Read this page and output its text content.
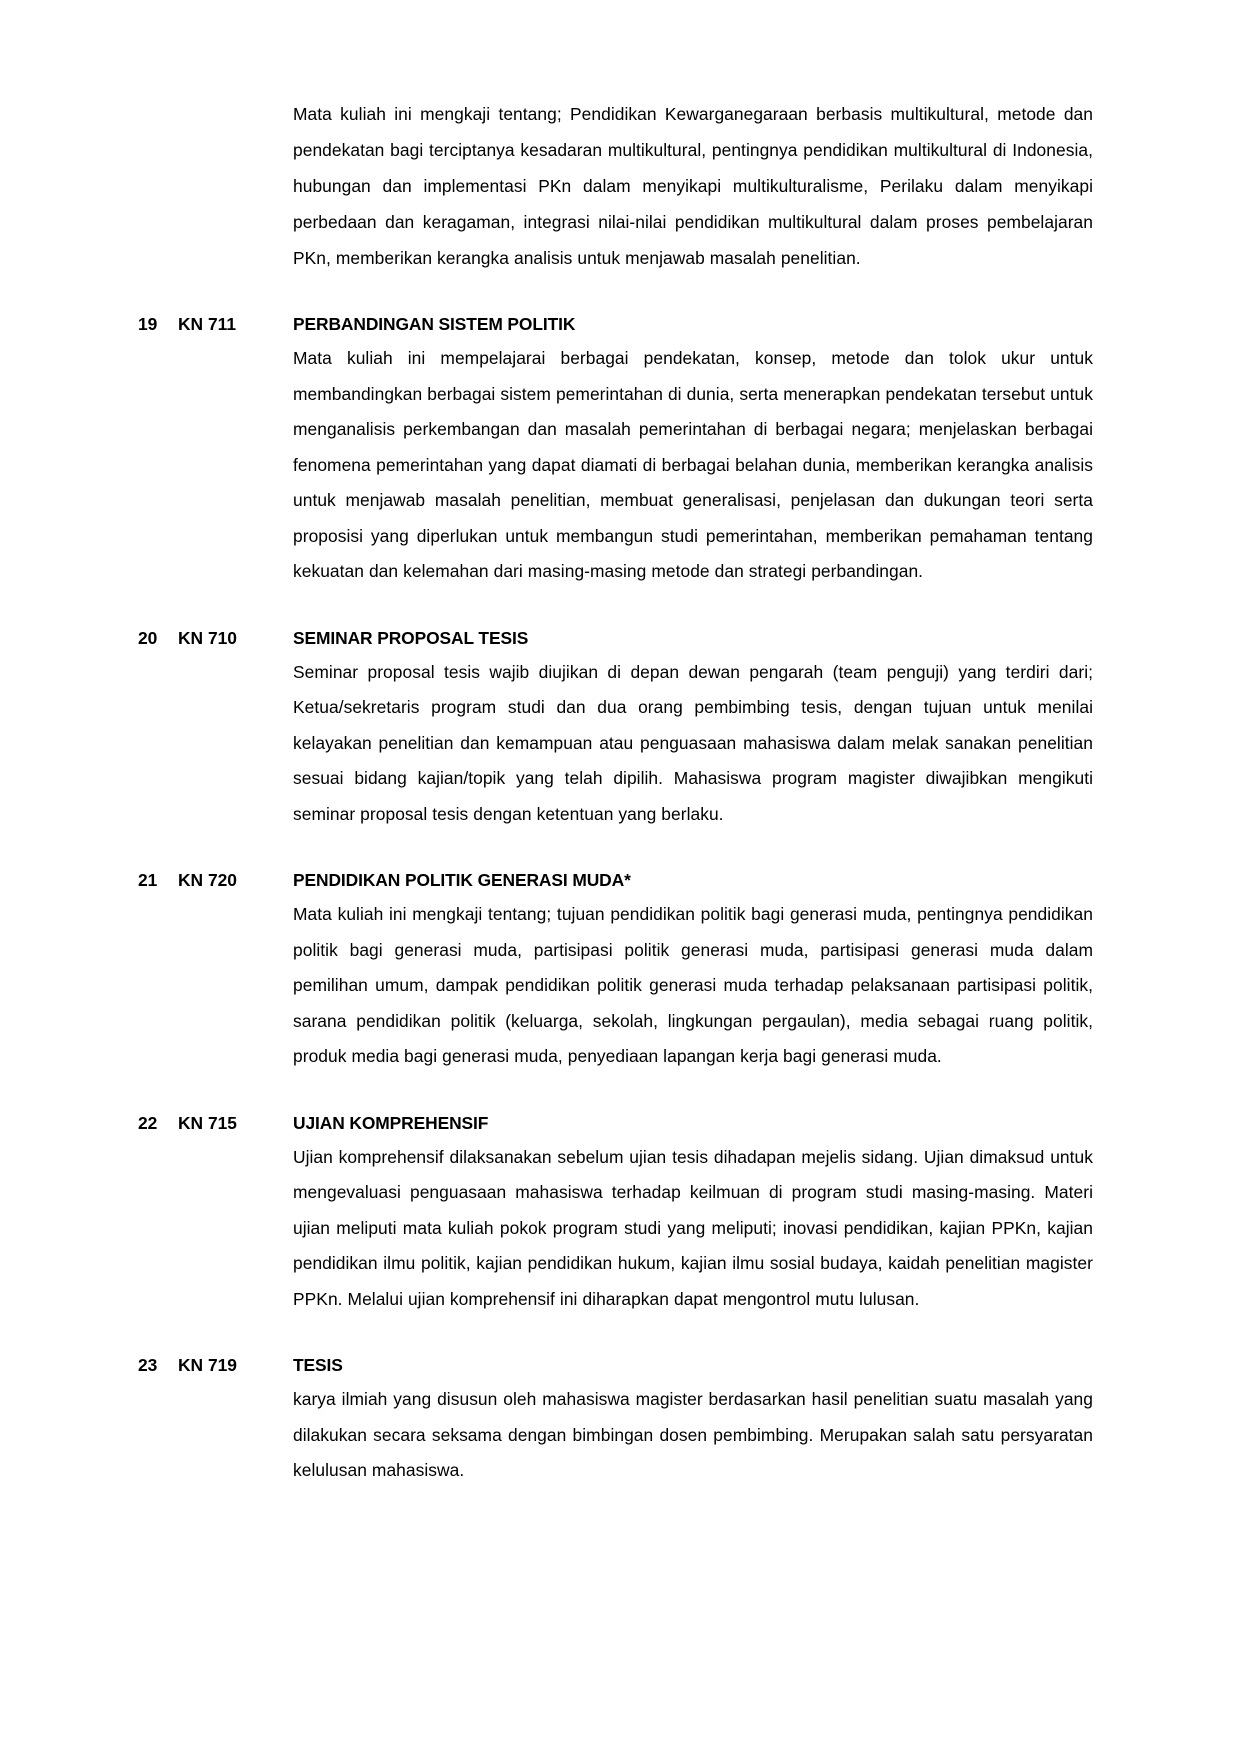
Mata kuliah ini mengkaji tentang; Pendidikan Kewarganegaraan berbasis multikultural, metode dan pendekatan bagi terciptanya kesadaran multikultural, pentingnya pendidikan multikultural di Indonesia, hubungan dan implementasi PKn dalam menyikapi multikulturalisme, Perilaku dalam menyikapi perbedaan dan keragaman, integrasi nilai-nilai pendidikan multikultural dalam proses pembelajaran PKn, memberikan kerangka analisis untuk menjawab masalah penelitian.

19	KN 711	PERBANDINGAN SISTEM POLITIK

Mata kuliah ini mempelajarai berbagai pendekatan, konsep, metode dan tolok ukur untuk membandingkan berbagai sistem pemerintahan di dunia, serta menerapkan pendekatan tersebut untuk menganalisis perkembangan dan masalah pemerintahan di berbagai negara; menjelaskan berbagai fenomena pemerintahan yang dapat diamati di berbagai belahan dunia, memberikan kerangka analisis untuk menjawab masalah penelitian, membuat generalisasi, penjelasan dan dukungan teori serta proposisi yang diperlukan untuk membangun studi pemerintahan, memberikan pemahaman tentang kekuatan dan kelemahan dari masing-masing metode dan strategi perbandingan.

20	KN 710	SEMINAR PROPOSAL TESIS

Seminar proposal tesis wajib diujikan di depan dewan pengarah (team penguji) yang terdiri dari; Ketua/sekretaris program studi dan dua orang pembimbing tesis, dengan tujuan untuk menilai kelayakan penelitian dan kemampuan atau penguasaan mahasiswa dalam melak sanakan penelitian sesuai bidang kajian/topik yang telah dipilih. Mahasiswa program magister diwajibkan mengikuti seminar proposal tesis dengan ketentuan yang berlaku.

21	KN 720	PENDIDIKAN POLITIK GENERASI MUDA*

Mata kuliah ini mengkaji tentang; tujuan pendidikan politik bagi generasi muda, pentingnya pendidikan politik bagi generasi muda, partisipasi politik generasi muda, partisipasi generasi muda dalam pemilihan umum, dampak pendidikan politik generasi muda terhadap pelaksanaan partisipasi politik, sarana pendidikan politik (keluarga, sekolah, lingkungan pergaulan), media sebagai ruang politik, produk media bagi generasi muda, penyediaan lapangan kerja bagi generasi muda.

22	KN 715	UJIAN KOMPREHENSIF

Ujian komprehensif dilaksanakan sebelum ujian tesis dihadapan mejelis sidang. Ujian dimaksud untuk mengevaluasi penguasaan mahasiswa terhadap keilmuan di program studi masing-masing. Materi ujian meliputi mata kuliah pokok program studi yang meliputi; inovasi pendidikan, kajian PPKn, kajian pendidikan ilmu politik, kajian pendidikan hukum, kajian ilmu sosial budaya, kaidah penelitian magister PPKn. Melalui ujian komprehensif ini diharapkan dapat mengontrol mutu lulusan.

23	KN 719	TESIS

karya ilmiah yang disusun oleh mahasiswa magister berdasarkan hasil penelitian suatu masalah yang dilakukan secara seksama dengan bimbingan dosen pembimbing. Merupakan salah satu persyaratan kelulusan mahasiswa.
